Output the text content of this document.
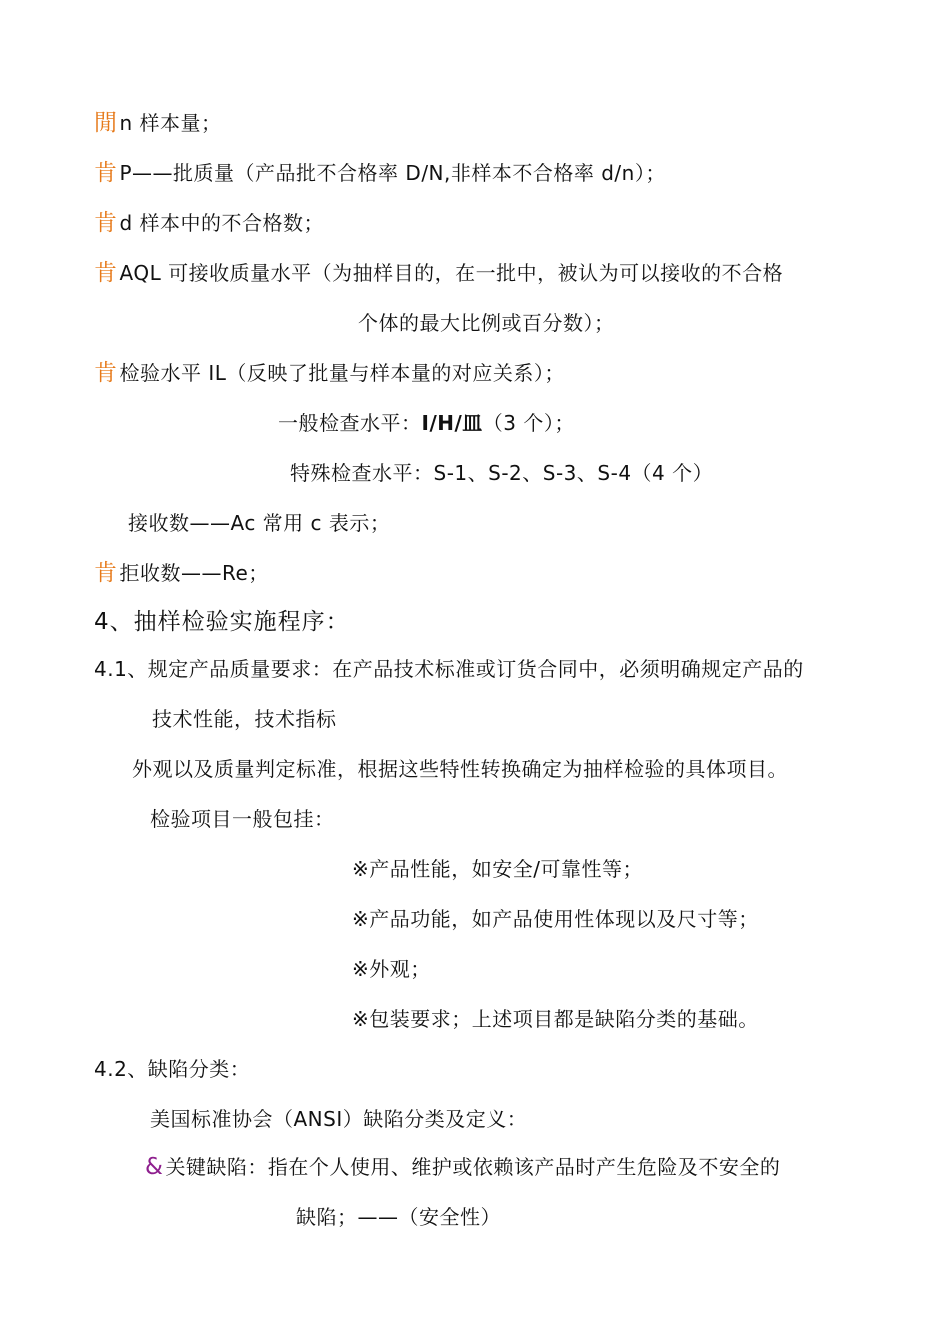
閒 n 样本量；
肯 P——批质量（产品批不合格率 D/N,非样本不合格率 d/n）；
肯 d 样本中的不合格数；
肯 AQL 可接收质量水平（为抽样目的，在一批中，被认为可以接收的不合格
个体的最大比例或百分数）；
肯 检验水平 IL（反映了批量与样本量的对应关系）；
一般检查水平：I/H/皿（3 个）；
特殊检查水平：S-1、S-2、S-3、S-4（4 个）
接收数——Ac 常用 c 表示；
肯 拒收数——Re；
4、抽样检验实施程序：
4.1、规定产品质量要求：在产品技术标准或订货合同中，必须明确规定产品的
技术性能，技术指标
外观以及质量判定标准，根据这些特性转换确定为抽样检验的具体项目。
检验项目一般包挂：
※产品性能，如安全/可靠性等；
※产品功能，如产品使用性体现以及尺寸等；
※外观；
※包装要求；上述项目都是缺陷分类的基础。
4.2、缺陷分类：
美国标准协会（ANSI）缺陷分类及定义：
& 关键缺陷：指在个人使用、维护或依赖该产品时产生危险及不安全的
缺陷；——（安全性）
